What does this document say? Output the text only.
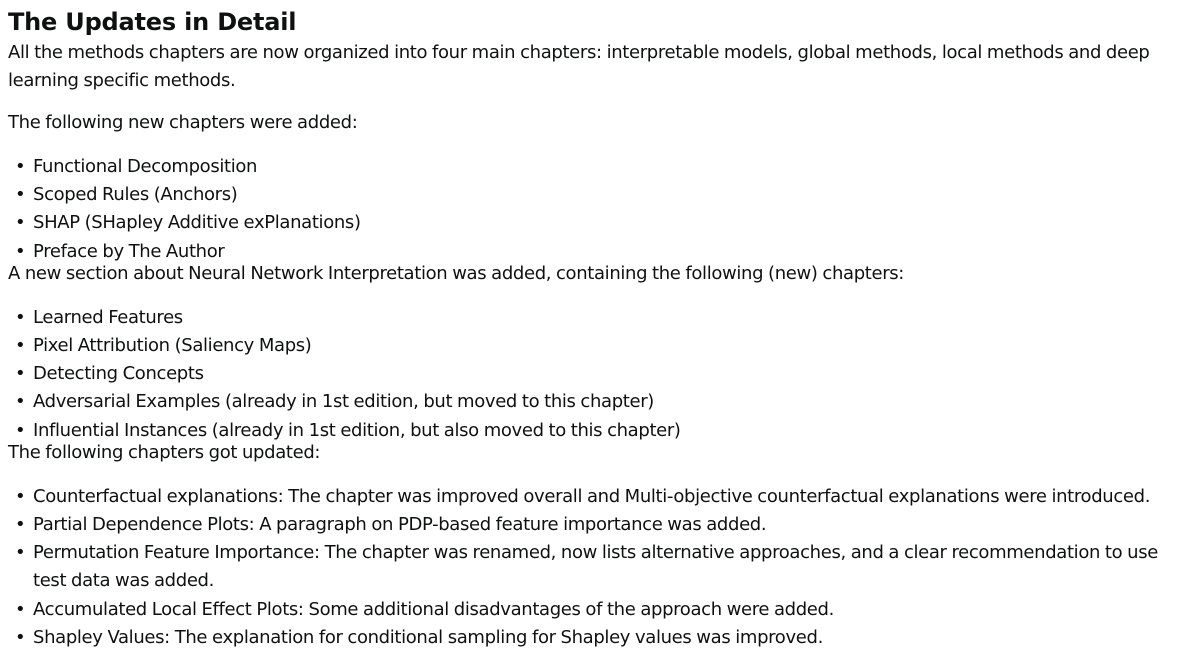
The Updates in Detail

All the methods chapters are now organized into four main chapters: interpretable models, global methods, local methods and deep learning specific methods.

The following new chapters were added:

• Functional Decomposition
• Scoped Rules (Anchors)
• SHAP (SHapley Additive exPlanations)
• Preface by The Author

A new section about Neural Network Interpretation was added, containing the following (new) chapters:

• Learned Features
• Pixel Attribution (Saliency Maps)
• Detecting Concepts
• Adversarial Examples (already in 1st edition, but moved to this chapter)
• Influential Instances (already in 1st edition, but also moved to this chapter)

The following chapters got updated:

• Counterfactual explanations: The chapter was improved overall and Multi-objective counterfactual explanations were introduced.
• Partial Dependence Plots: A paragraph on PDP-based feature importance was added.
• Permutation Feature Importance: The chapter was renamed, now lists alternative approaches, and a clear recommendation to use test data was added.
• Accumulated Local Effect Plots: Some additional disadvantages of the approach were added.
• Shapley Values: The explanation for conditional sampling for Shapley values was improved.
